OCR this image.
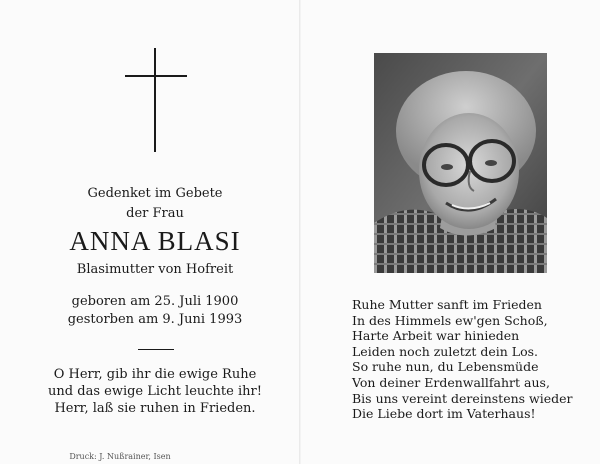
Gedenket im Gebete
der Frau
ANNA BLASI
Blasimutter von Hofreit
geboren am 25. Juli 1900
gestorben am 9. Juni 1993
O Herr, gib ihr die ewige Ruhe
und das ewige Licht leuchte ihr!
Herr, laß sie ruhen in Frieden.
Druck: J. Nußrainer, Isen
Ruhe Mutter sanft im Frieden
In des Himmels ew'gen Schoß,
Harte Arbeit war hinieden
Leiden noch zuletzt dein Los.
So ruhe nun, du Lebensmüde
Von deiner Erdenwallfahrt aus,
Bis uns vereint dereinstens wieder
Die Liebe dort im Vaterhaus!
